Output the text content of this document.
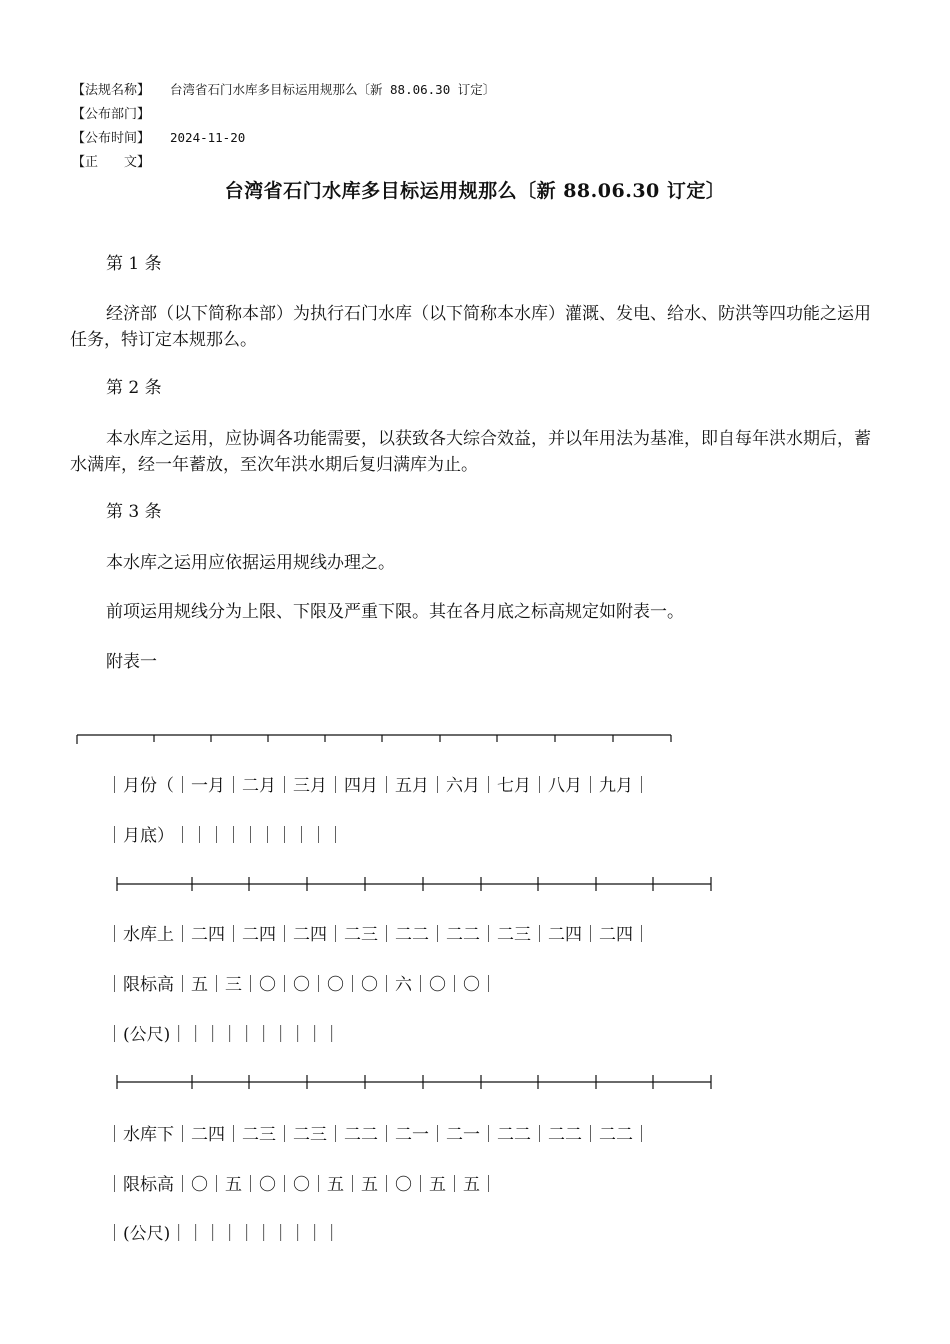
【法规名称】 台湾省石门水库多目标运用规那么〔新 88.06.30 订定〕
【公布部门】
【公布时间】 2024-11-20
【正　　文】
台湾省石门水库多目标运用规那么〔新 88.06.30 订定〕

第 1 条

经济部（以下简称本部）为执行石门水库（以下简称本水库）灌溉、发电、给水、防洪等四功能之运用任务，特订定本规那么。

第 2 条

本水库之运用，应协调各功能需要，以获致各大综合效益，并以年用法为基准，即自每年洪水期后，蓄水满库，经一年蓄放，至次年洪水期后复归满库为止。

第 3 条

本水库之运用应依据运用规线办理之。

前项运用规线分为上限、下限及严重下限。其在各月底之标高规定如附表一。

附表一

｜月份（｜一月｜二月｜三月｜四月｜五月｜六月｜七月｜八月｜九月｜
｜月底）｜｜｜｜｜｜｜｜｜｜
｜水库上｜二四｜二四｜二四｜二三｜二二｜二二｜二三｜二四｜二四｜
｜限标高｜五｜三｜〇｜〇｜〇｜〇｜六｜〇｜〇｜
｜(公尺)｜｜｜｜｜｜｜｜｜｜
｜水库下｜二四｜二三｜二三｜二二｜二一｜二一｜二二｜二二｜二二｜
｜限标高｜〇｜五｜〇｜〇｜五｜五｜〇｜五｜五｜
｜(公尺)｜｜｜｜｜｜｜｜｜｜
